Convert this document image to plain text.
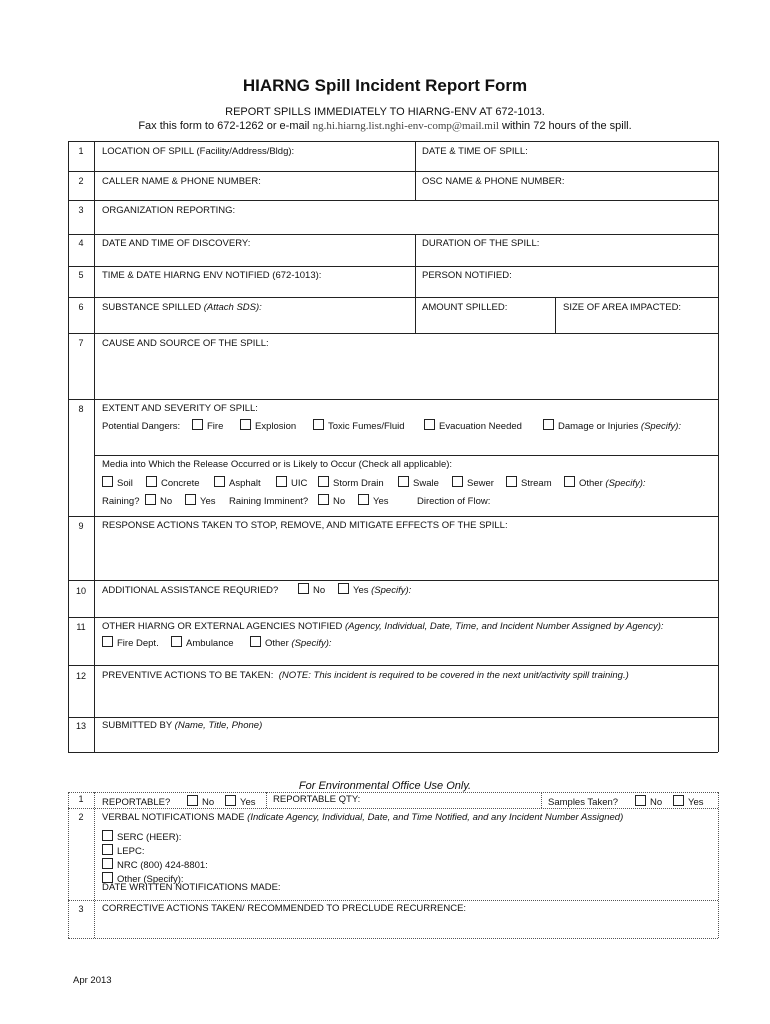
HIARNG Spill Incident Report Form
REPORT SPILLS IMMEDIATELY TO HIARNG-ENV AT 672-1013.
Fax this form to 672-1262 or e-mail ng.hi.hiarng.list.nghi-env-comp@mail.mil within 72 hours of the spill.
1	LOCATION OF SPILL (Facility/Address/Bldg):	DATE & TIME OF SPILL:
2	CALLER NAME & PHONE NUMBER:	OSC NAME & PHONE NUMBER:
3	ORGANIZATION REPORTING:
4	DATE AND TIME OF DISCOVERY:	DURATION OF THE SPILL:
5	TIME & DATE HIARNG ENV NOTIFIED (672-1013):	PERSON NOTIFIED:
6	SUBSTANCE SPILLED (Attach SDS):	AMOUNT SPILLED:	SIZE OF AREA IMPACTED:
7	CAUSE AND SOURCE OF THE SPILL:
8	EXTENT AND SEVERITY OF SPILL:
Potential Dangers:	Fire	Explosion	Toxic Fumes/Fluid	Evacuation Needed	Damage or Injuries (Specify):
Media into Which the Release Occurred or is Likely to Occur (Check all applicable):
Soil	Concrete	Asphalt	UIC	Storm Drain	Swale	Sewer	Stream	Other (Specify):
Raining?	No	Yes Raining Imminent?	No	Yes	Direction of Flow:
9	RESPONSE ACTIONS TAKEN TO STOP, REMOVE, AND MITIGATE EFFECTS OF THE SPILL:
10	ADDITIONAL ASSISTANCE REQURIED?	No	Yes (Specify):
11	OTHER HIARNG OR EXTERNAL AGENCIES NOTIFIED (Agency, Individual, Date, Time, and Incident Number Assigned by Agency):
Fire Dept.	Ambulance	Other (Specify):
12	PREVENTIVE ACTIONS TO BE TAKEN: (NOTE: This incident is required to be covered in the next unit/activity spill training.)
13	SUBMITTED BY (Name, Title, Phone)
For Environmental Office Use Only.
1	REPORTABLE?	No	Yes REPORTABLE QTY:	Samples Taken?	No	Yes
2	VERBAL NOTIFICATIONS MADE (Indicate Agency, Individual, Date, and Time Notified, and any Incident Number Assigned)
SERC (HEER):
LEPC:
NRC (800) 424-8801:
Other (Specify):
DATE WRITTEN NOTIFICATIONS MADE:
3	CORRECTIVE ACTIONS TAKEN/ RECOMMENDED TO PRECLUDE RECURRENCE:
Apr 2013
